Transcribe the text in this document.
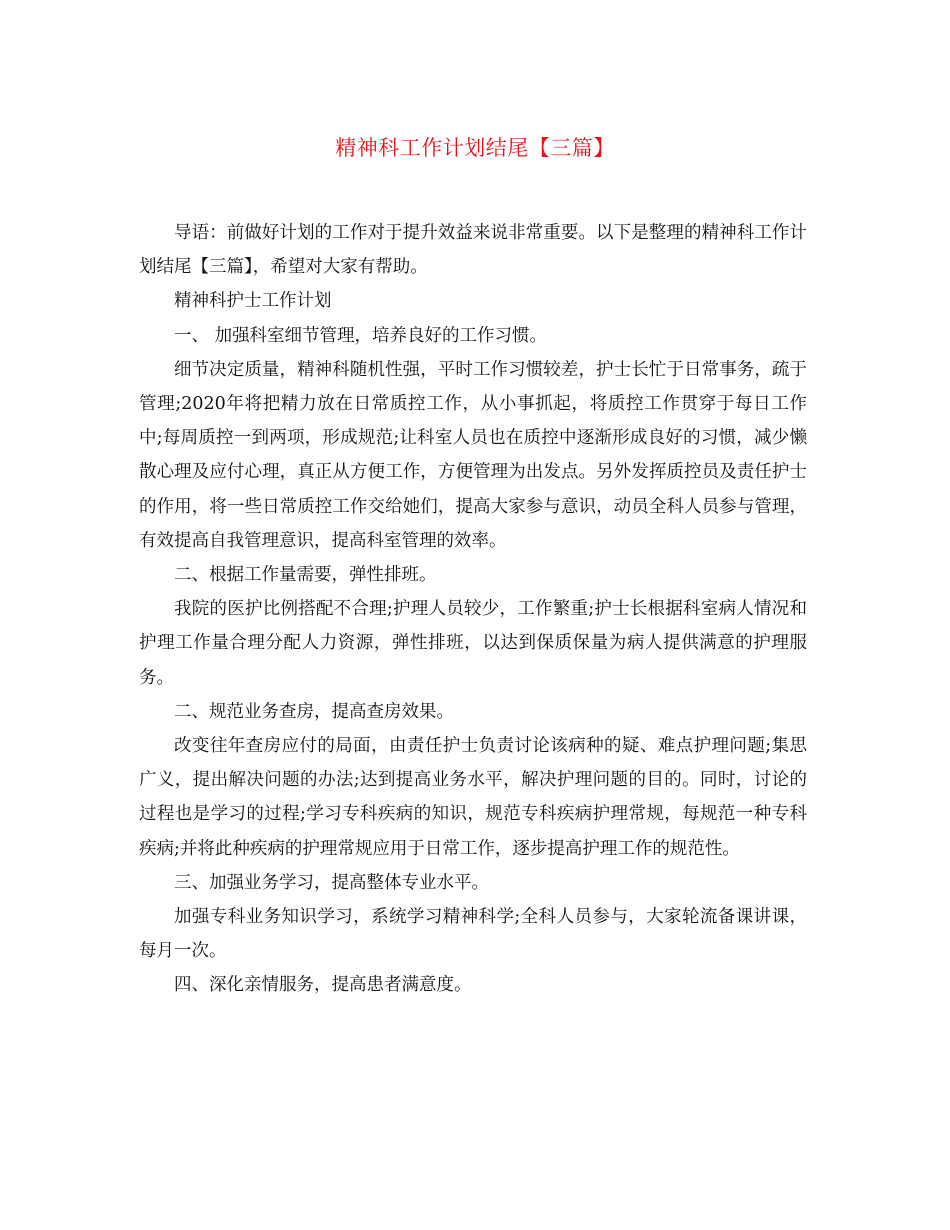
精神科工作计划结尾【三篇】

导语：前做好计划的工作对于提升效益来说非常重要。以下是整理的精神科工作计划结尾【三篇】，希望对大家有帮助。

精神科护士工作计划

一、 加强科室细节管理，培养良好的工作习惯。

细节决定质量，精神科随机性强，平时工作习惯较差，护士长忙于日常事务，疏于管理;2020年将把精力放在日常质控工作，从小事抓起，将质控工作贯穿于每日工作中;每周质控一到两项，形成规范;让科室人员也在质控中逐渐形成良好的习惯，减少懒散心理及应付心理，真正从方便工作，方便管理为出发点。另外发挥质控员及责任护士的作用，将一些日常质控工作交给她们，提高大家参与意识，动员全科人员参与管理，有效提高自我管理意识，提高科室管理的效率。

二、根据工作量需要，弹性排班。

我院的医护比例搭配不合理;护理人员较少，工作繁重;护士长根据科室病人情况和护理工作量合理分配人力资源，弹性排班，以达到保质保量为病人提供满意的护理服务。

二、规范业务查房，提高查房效果。

改变往年查房应付的局面，由责任护士负责讨论该病种的疑、难点护理问题;集思广义，提出解决问题的办法;达到提高业务水平，解决护理问题的目的。同时，讨论的过程也是学习的过程;学习专科疾病的知识，规范专科疾病护理常规，每规范一种专科疾病;并将此种疾病的护理常规应用于日常工作，逐步提高护理工作的规范性。

三、加强业务学习，提高整体专业水平。

加强专科业务知识学习，系统学习精神科学;全科人员参与，大家轮流备课讲课，每月一次。

四、深化亲情服务，提高患者满意度。
